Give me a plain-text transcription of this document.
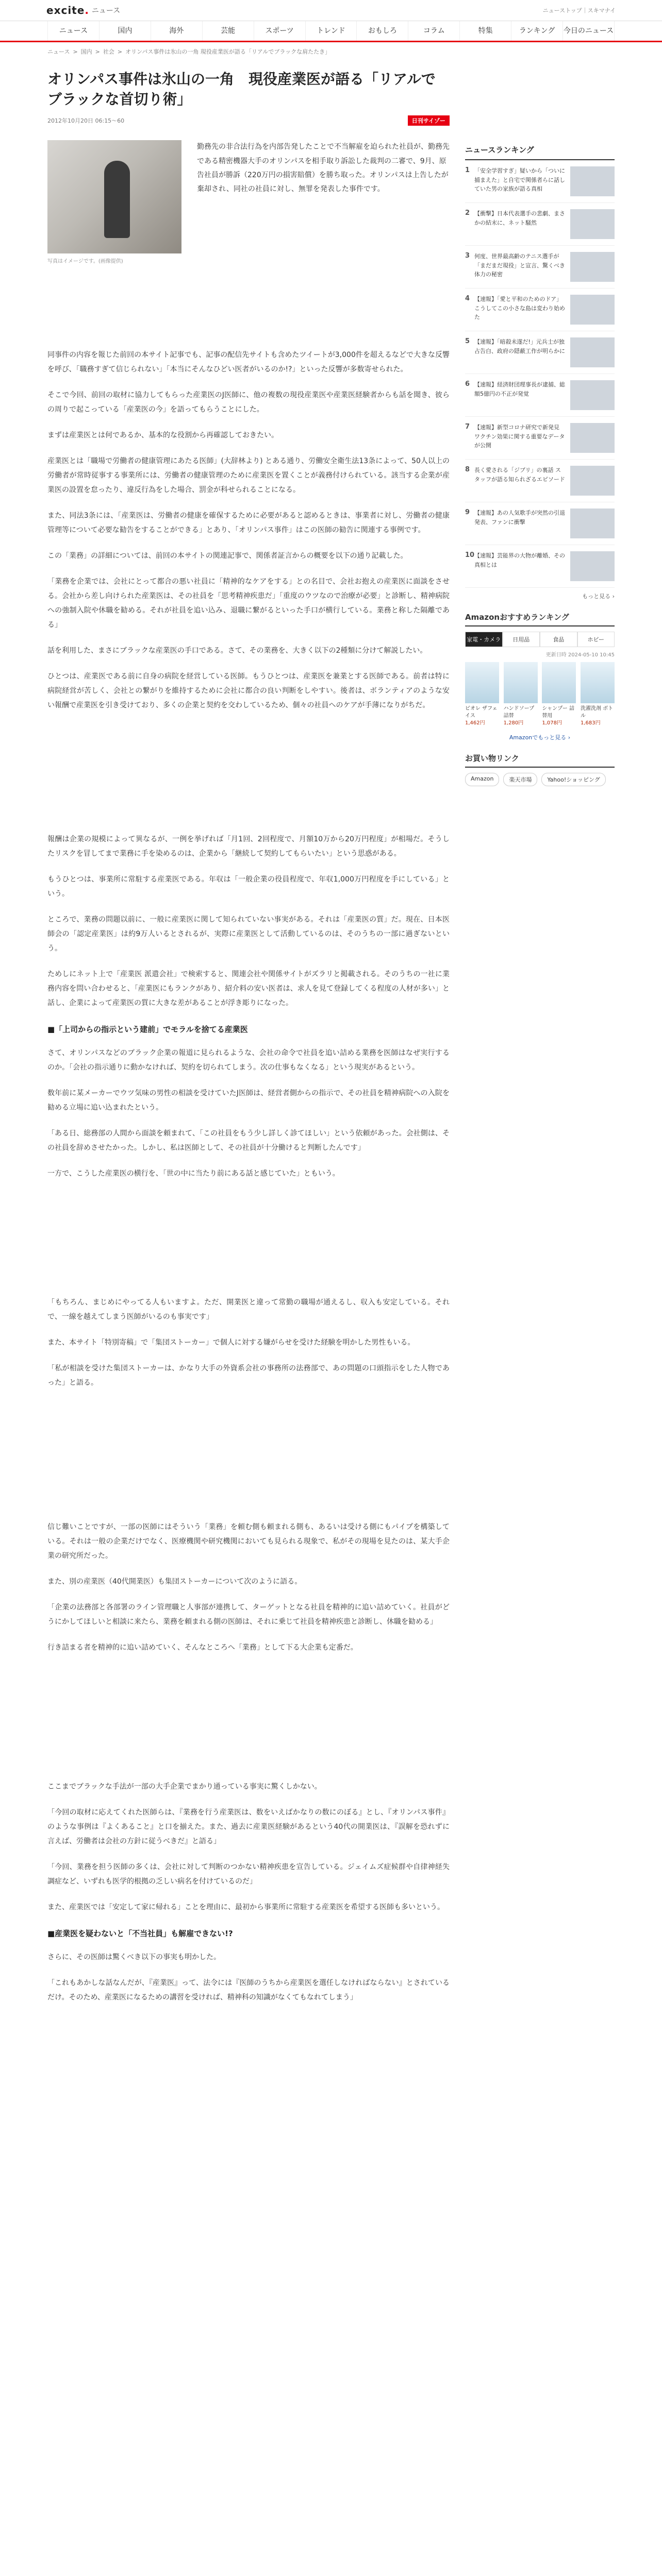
excite . ニュース	ニューストップ｜スキマナイ
ニュース	国内	海外	芸能	スポーツ	トレンド	おもしろ	コラム	特集	ランキング	今日のニュース
ニュース > 国内 > 社会 > オリンパス事件は氷山の一角 現役産業医が語る「リアルでブラックな肩たたき」
オリンパス事件は氷山の一角　現役産業医が語る「リアルでブラックな首切り術」
2012年10月20日 06:15～60	日刊サイゾー
写真はイメージです。(画像提供)
勤務先の非合法行為を内部告発したことで不当解雇を迫られた社員が、勤務先である精密機器大手のオリンパスを相手取り訴訟した裁判の二審で、9月、原告社員が勝訴（220万円の損害賠償）を勝ち取った。オリンパスは上告したが棄却され、同社の社員に対し、無罪を発表した事件です。

同事件の内容を報じた前回の本サイト記事でも、記事の配信先サイトも含めたツイートが3,000件を超えるなどで大きな反響を呼び、「職務すぎて信じられない」「本当にそんなひどい医者がいるのか!?」といった反響が多数寄せられた。

そこで今回、前回の取材に協力してもらった産業医のJ医師に、他の複数の現役産業医や産業医経験者からも話を聞き、彼らの周りで起こっている「産業医の今」を語ってもらうことにした。

まずは産業医とは何であるか、基本的な役割から再確認しておきたい。

産業医とは「職場で労働者の健康管理にあたる医師」(大辞林より) とある通り、労働安全衛生法13条によって、50人以上の労働者が常時従事する事業所には、労働者の健康管理のために産業医を置くことが義務付けられている。該当する企業が産業医の設置を怠ったり、違反行為をした場合、罰金が科せられることになる。

また、同法3条には、「産業医は、労働者の健康を確保するために必要があると認めるときは、事業者に対し、労働者の健康管理等について必要な勧告をすることができる」とあり、「オリンパス事件」はこの医師の勧告に関連する事例です。

この「業務」の詳細については、前回の本サイトの関連記事で、関係者証言からの概要を以下の通り記載した。

「業務を企業では、会社にとって都合の悪い社員に「精神的なケアをする」との名目で、会社お抱えの産業医に面談をさせる。会社から差し向けられた産業医は、その社員を「思考精神疾患だ」「重度のウツなので治療が必要」と診断し、精神病院への強制入院や休職を勧める。それが社員を追い込み、退職に繋がるといった手口が横行している。業務と称した隔離である」

話を利用した、まさにブラックな産業医の手口である。さて、その業務を、大きく以下の2種類に分けて解説したい。

ひとつは、産業医である前に自身の病院を経営している医師。もうひとつは、産業医を兼業とする医師である。前者は特に病院経営が苦しく、会社との繋がりを維持するために会社に都合の良い判断をしやすい。後者は、ボランティアのような安い報酬で産業医を引き受けており、多くの企業と契約を交わしているため、個々の社員へのケアが手薄になりがちだ。

報酬は企業の規模によって異なるが、一例を挙げれば「月1回、2回程度で、月額10万から20万円程度」が相場だ。そうしたリスクを冒してまで業務に手を染めるのは、企業から「継続して契約してもらいたい」という思惑がある。

もうひとつは、事業所に常駐する産業医である。年収は「一般企業の役員程度で、年収1,000万円程度を手にしている」という。

ところで、業務の問題以前に、一般に産業医に関して知られていない事実がある。それは「産業医の質」だ。現在、日本医師会の「認定産業医」は約9万人いるとされるが、実際に産業医として活動しているのは、そのうちの一部に過ぎないという。

ためしにネット上で「産業医 派遣会社」で検索すると、関連会社や関係サイトがズラリと掲載される。そのうちの一社に業務内容を問い合わせると、「産業医にもランクがあり、紹介料の安い医者は、求人を見て登録してくる程度の人材が多い」と話し、企業によって産業医の質に大きな差があることが浮き彫りになった。

■「上司からの指示という建前」でモラルを捨てる産業医

さて、オリンパスなどのブラック企業の報道に見られるような、会社の命令で社員を追い詰める業務を医師はなぜ実行するのか。「会社の指示通りに動かなければ、契約を切られてしまう。次の仕事もなくなる」という現実があるという。

数年前に某メーカーでウツ気味の男性の相談を受けていたJ医師は、経営者側からの指示で、その社員を精神病院への入院を勧める立場に追い込まれたという。

「ある日、総務部の人間から面談を頼まれて、「この社員をもう少し詳しく診てほしい」という依頼があった。会社側は、その社員を辞めさせたかった。しかし、私は医師として、その社員が十分働けると判断したんです」

一方で、こうした産業医の横行を、「世の中に当たり前にある話と感じていた」ともいう。

「もちろん、まじめにやってる人もいますよ。ただ、開業医と違って常勤の職場が通えるし、収入も安定している。それで、一線を越えてしまう医師がいるのも事実です」

また、本サイト「特別寄稿」で「集団ストーカー」で個人に対する嫌がらせを受けた経験を明かした男性もいる。

「私が相談を受けた集団ストーカーは、かなり大手の外資系会社の事務所の法務部で、あの問題の口頭指示をした人物であった」と語る。

信じ難いことですが、一部の医師にはそういう「業務」を頼む側も頼まれる側も、あるいは受ける側にもパイプを構築している。それは一般の企業だけでなく、医療機関や研究機関においても見られる現象で、私がその現場を見たのは、某大手企業の研究所だった。

また、別の産業医（40代開業医）も集団ストーカーについて次のように語る。

「企業の法務部と各部署のライン管理職と人事部が連携して、ターゲットとなる社員を精神的に追い詰めていく。社員がどうにかしてほしいと相談に来たら、業務を頼まれる側の医師は、それに乗じて社員を精神疾患と診断し、休職を勧める」

行き詰まる者を精神的に追い詰めていく、そんなところへ「業務」として下る大企業も定番だ。

ここまでブラックな手法が一部の大手企業でまかり通っている事実に驚くしかない。

「今回の取材に応えてくれた医師らは、『業務を行う産業医は、数をいえばかなりの数にのぼる』とし、『オリンパス事件』のような事例は『よくあること』と口を揃えた。また、過去に産業医経験があるという40代の開業医は、『誤解を恐れずに言えば、労働者は会社の方針に従うべきだ』と語る」

「今回、業務を担う医師の多くは、会社に対して判断のつかない精神疾患を宣告している。ジェイムズ症候群や自律神経失調症など、いずれも医学的根拠の乏しい病名を付けているのだ」

また、産業医では「安定して家に帰れる」ことを理由に、最初から事業所に常駐する産業医を希望する医師も多いという。

■産業医を疑わないと「不当社員」も解雇できない!?

さらに、その医師は驚くべき以下の事実も明かした。

「これもあかしな話なんだが、『産業医』って、法令には『医師のうちから産業医を選任しなければならない』とされているだけ。そのため、産業医になるための講習を受ければ、精神科の知識がなくてもなれてしまう」

ニュースランキング
1 「安全学習すぎ」疑いから「ついに捕まえた」と自宅で関係者らに話していた男の家族が語る真相
2 【衝撃】日本代表選手の悲劇、まさかの結末に、ネット騒然
3 何度、世界最高齢のテニス選手が「まだまだ現役」と宣言、驚くべき体力の秘密
4 【速報】「愛と平和のためのドア」こうしてこの小さな島は変わり始めた
5 【速報】「暗殺未遂だ!」元兵士が独占告白、政府の隠蔽工作が明らかに
6 【速報】経済財団理事長が逮捕、総額5億円の不正が発覚
7 【速報】新型コロナ研究で新発見 ワクチン効果に関する重要なデータが公開
8 長く愛される「ジブリ」の裏話 スタッフが語る知られざるエピソード
9 【速報】あの人気歌手が突然の引退発表、ファンに衝撃
10 【速報】芸能界の大物が離婚、その真相とは
もっと見る ›
Amazonおすすめランキング
家電・カメラ	日用品	食品	ホビー
更新日時 2024-05-10 10:45
ビオレ ザフェイス
1,462円
ハンドソープ 詰替
1,280円
シャンプー 詰替用
1,078円
洗濯洗剤 ボトル
1,683円
Amazonでもっと見る ›
お買い物リンク
Amazon	楽天市場	Yahoo!ショッピング
